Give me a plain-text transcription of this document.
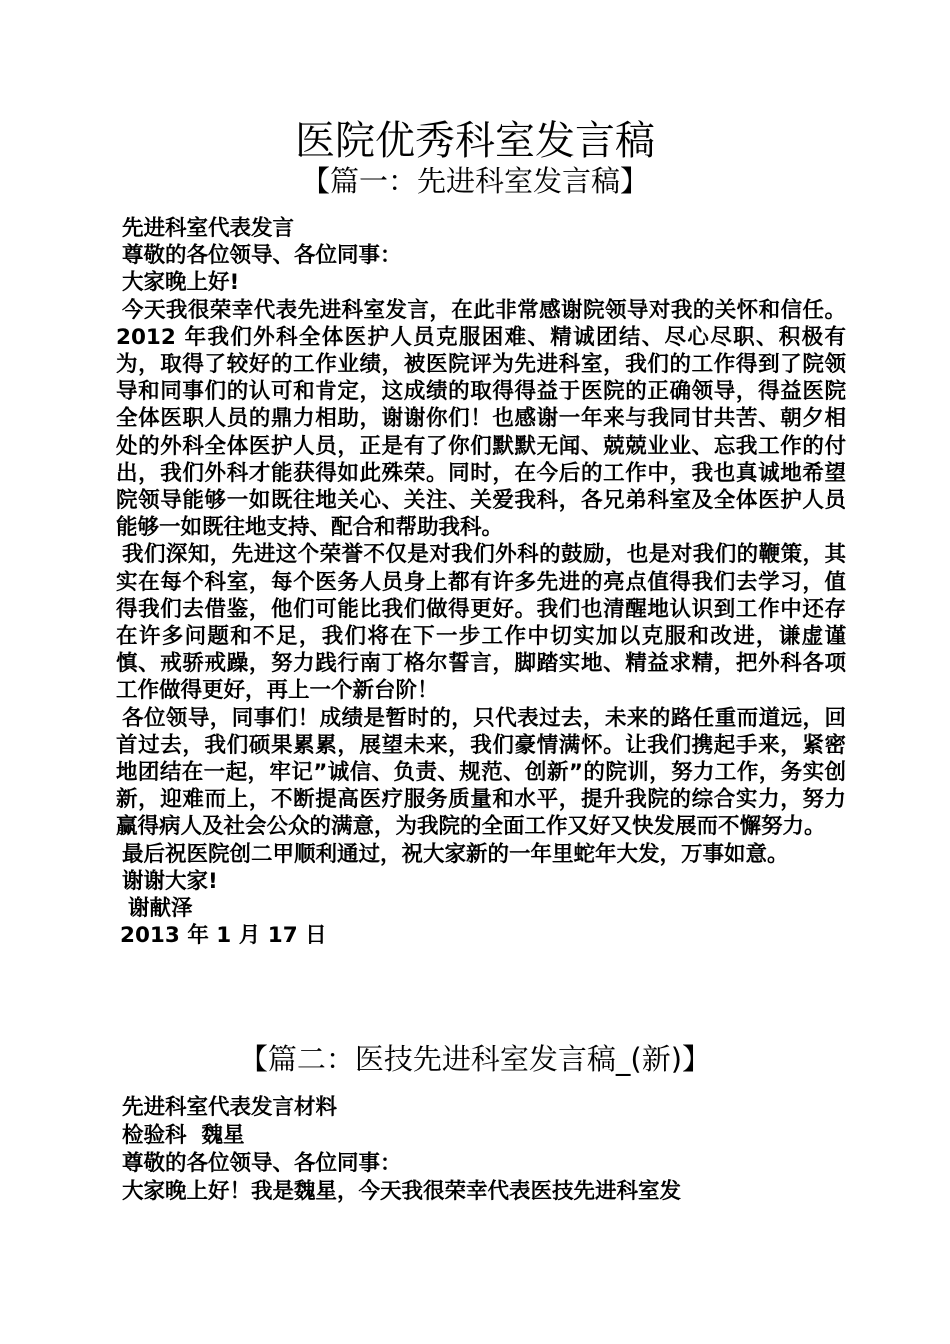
医院优秀科室发言稿
【篇一：先进科室发言稿】

先进科室代表发言

尊敬的各位领导、各位同事：

大家晚上好!

今天我很荣幸代表先进科室发言，在此非常感谢院领导对我的关怀和信任。2012 年我们外科全体医护人员克服困难、精诚团结、尽心尽职、积极有为，取得了较好的工作业绩，被医院评为先进科室，我们的工作得到了院领导和同事们的认可和肯定，这成绩的取得得益于医院的正确领导，得益医院全体医职人员的鼎力相助，谢谢你们！也感谢一年来与我同甘共苦、朝夕相处的外科全体医护人员，正是有了你们默默无闻、兢兢业业、忘我工作的付出，我们外科才能获得如此殊荣。同时，在今后的工作中，我也真诚地希望院领导能够一如既往地关心、关注、关爱我科，各兄弟科室及全体医护人员能够一如既往地支持、配合和帮助我科。

我们深知，先进这个荣誉不仅是对我们外科的鼓励，也是对我们的鞭策，其实在每个科室，每个医务人员身上都有许多先进的亮点值得我们去学习，值得我们去借鉴，他们可能比我们做得更好。我们也清醒地认识到工作中还存在许多问题和不足，我们将在下一步工作中切实加以克服和改进，谦虚谨慎、戒骄戒躁，努力践行南丁格尔誓言，脚踏实地、精益求精，把外科各项工作做得更好，再上一个新台阶！

各位领导，同事们！成绩是暂时的，只代表过去，未来的路任重而道远，回首过去，我们硕果累累，展望未来，我们豪情满怀。让我们携起手来，紧密地团结在一起，牢记”诚信、负责、规范、创新”的院训，努力工作，务实创新，迎难而上，不断提高医疗服务质量和水平，提升我院的综合实力，努力赢得病人及社会公众的满意，为我院的全面工作又好又快发展而不懈努力。

最后祝医院创二甲顺利通过，祝大家新的一年里蛇年大发，万事如意。

谢谢大家!

谢献泽

2013 年 1 月 17 日

【篇二：医技先进科室发言稿_(新)】

先进科室代表发言材料

检验科  魏星

尊敬的各位领导、各位同事：

大家晚上好！我是魏星，今天我很荣幸代表医技先进科室发
